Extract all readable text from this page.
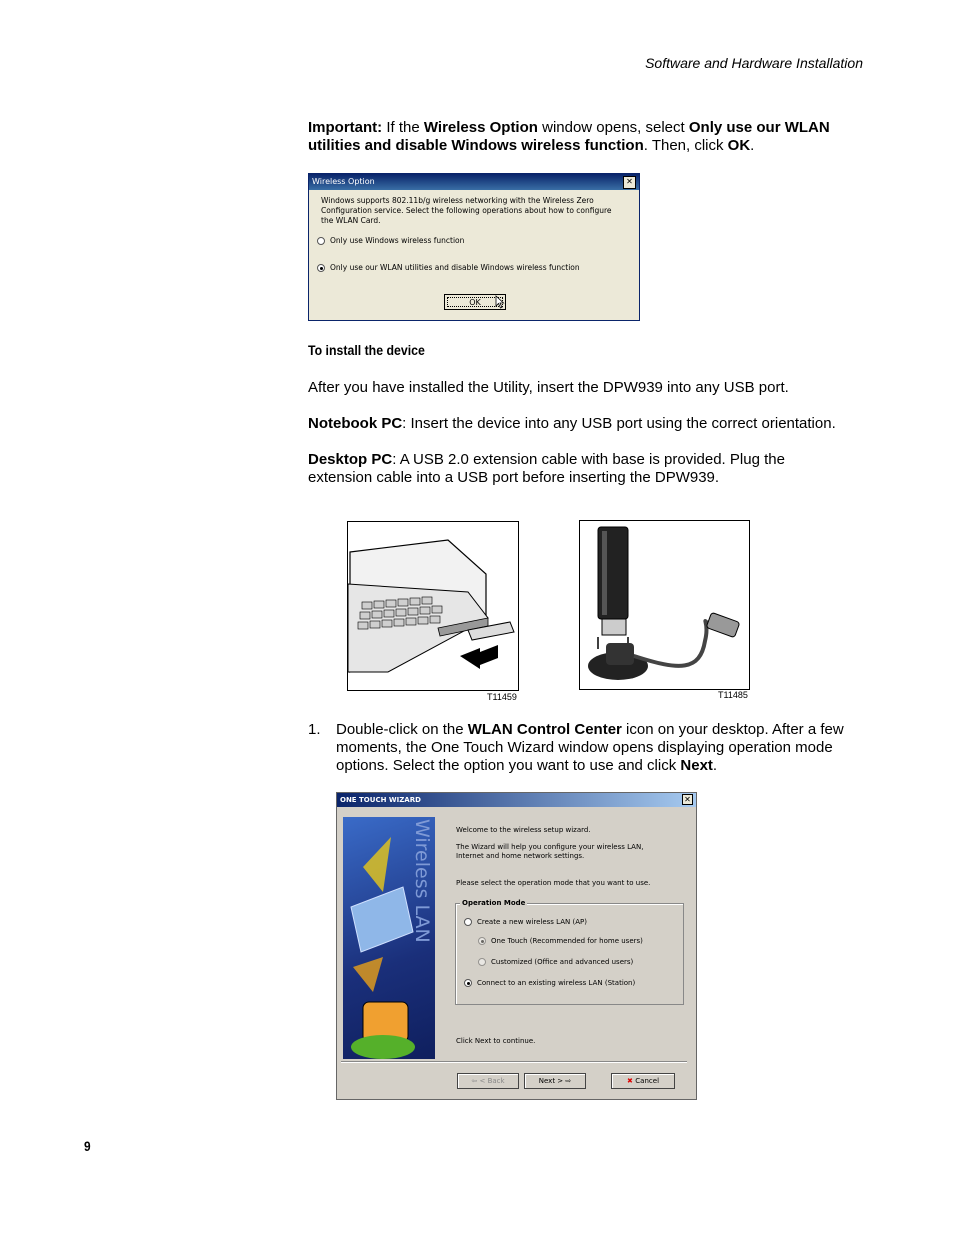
Software and Hardware Installation
Important: If the Wireless Option window opens, select Only use our WLAN utilities and disable Windows wireless function. Then, click OK.
Wireless Option	✕
Windows supports 802.11b/g wireless networking with the Wireless Zero Configuration service. Select the following operations about how to configure the WLAN Card.
Only use Windows wireless function
Only use our WLAN utilities and disable Windows wireless function
OK
To install the device
After you have installed the Utility, insert the DPW939 into any USB port.
Notebook PC: Insert the device into any USB port using the correct orientation.
Desktop PC: A USB 2.0 extension cable with base is provided. Plug the extension cable into a USB port before inserting the DPW939.
T11459	T11485
1.	Double-click on the WLAN Control Center icon on your desktop. After a few moments, the One Touch Wizard window opens displaying operation mode options. Select the option you want to use and click Next.
ONE TOUCH WIZARD	✕
Wireless LAN	Welcome to the wireless setup wizard.
The Wizard will help you configure your wireless LAN, Internet and home network settings.
Please select the operation mode that you want to use.
Operation Mode
Create a new wireless LAN (AP)
One Touch (Recommended for home users)
Customized (Office and advanced users)
Connect to an existing wireless LAN (Station)
Click Next to continue.
⇦ < Back	Next > ⇨	✖ Cancel
9
